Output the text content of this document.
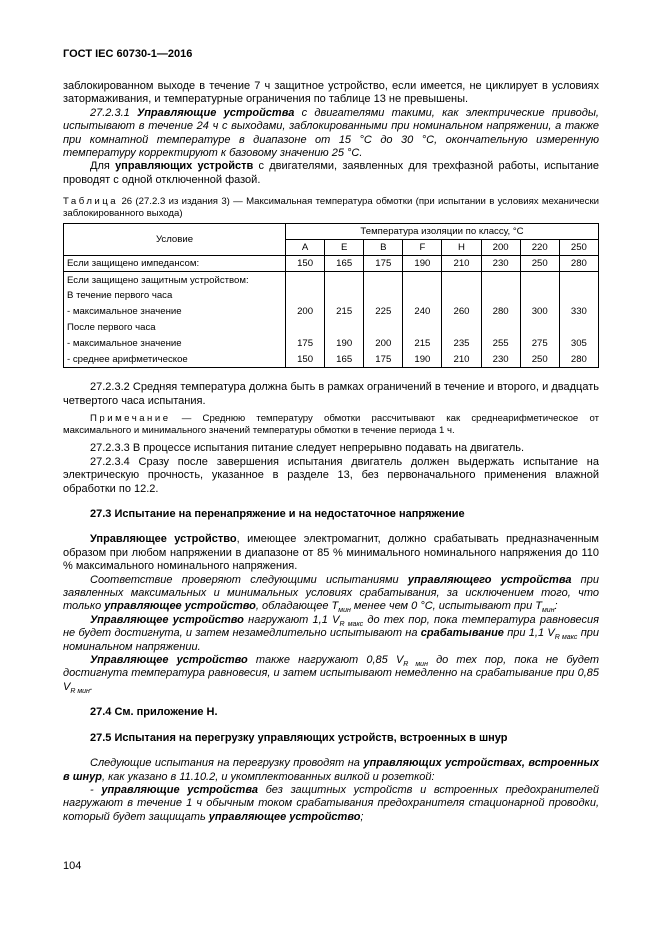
ГОСТ IEC 60730-1—2016
заблокированном выходе в течение 7 ч защитное устройство, если имеется, не циклирует в условиях затормаживания, и температурные ограничения по таблице 13 не превышены.
27.2.3.1 Управляющие устройства с двигателями такими, как электрические приводы, испытывают в течение 24 ч с выходами, заблокированными при номинальном напряжении, а также при комнатной температуре в диапазоне от 15 °С до 30 °С, окончательную измеренную температуру корректируют к базовому значению 25 °С.
Для управляющих устройств с двигателями, заявленных для трехфазной работы, испытание проводят с одной отключенной фазой.
Таблица 26 (27.2.3 из издания 3) — Максимальная температура обмотки (при испытании в условиях механически заблокированного выхода)
Условие	Температура изоляции по классу, °С							
	А	Е	В	F	Н	200	220	250
Если защищено импедансом:	150	165	175	190	210	230	250	280
Если защищено защитным устройством:								
В течение первого часа								
- максимальное значение	200	215	225	240	260	280	300	330
После первого часа								
- максимальное значение	175	190	200	215	235	255	275	305
- среднее арифметическое	150	165	175	190	210	230	250	280
27.2.3.2 Средняя температура должна быть в рамках ограничений в течение и второго, и двадцать четвертого часа испытания.
Примечание — Среднюю температуру обмотки рассчитывают как среднеарифметическое от максимального и минимального значений температуры обмотки в течение периода 1 ч.
27.2.3.3 В процессе испытания питание следует непрерывно подавать на двигатель.
27.2.3.4 Сразу после завершения испытания двигатель должен выдержать испытание на электрическую прочность, указанное в разделе 13, без первоначального применения влажной обработки по 12.2.
27.3 Испытание на перенапряжение и на недостаточное напряжение
Управляющее устройство, имеющее электромагнит, должно срабатывать предназначенным образом при любом напряжении в диапазоне от 85 % минимального номинального напряжения до 110 % максимального номинального напряжения.
Соответствие проверяют следующими испытаниями управляющего устройства при заявленных максимальных и минимальных условиях срабатывания, за исключением того, что только управляющее устройство, обладающее $T_{мин}$ менее чем 0 °С, испытывают при $T_{мин}$:
Управляющее устройство нагружают 1,1 $V_{R макс}$ до тех пор, пока температура равновесия не будет достигнута, и затем незамедлительно испытывают на срабатывание при 1,1 $V_{R макс}$ при номинальном напряжении.
Управляющее устройство также нагружают 0,85 $V_{R мин}$ до тех пор, пока не будет достигнута температура равновесия, и затем испытывают немедленно на срабатывание при 0,85 $V_{R мин}$.
27.4 См. приложение Н.
27.5 Испытания на перегрузку управляющих устройств, встроенных в шнур
Следующие испытания на перегрузку проводят на управляющих устройствах, встроенных в шнур, как указано в 11.10.2, и укомплектованных вилкой и розеткой:
- управляющие устройства без защитных устройств и встроенных предохранителей нагружают в течение 1 ч обычным током срабатывания предохранителя стационарной проводки, который будет защищать управляющее устройство;
104
